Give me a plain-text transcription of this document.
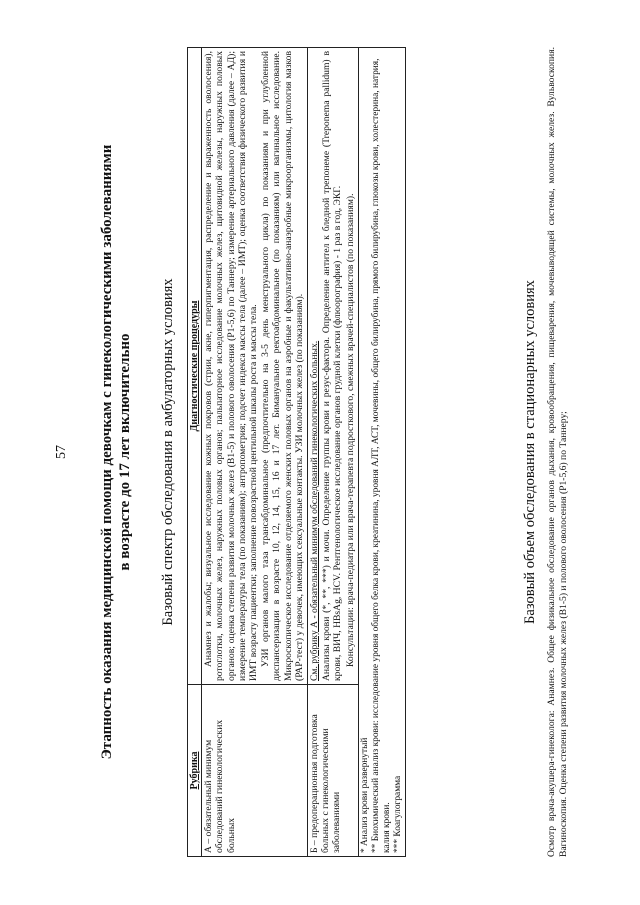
57 Этапность оказания медицинской помощи девочкам с гинекологическими заболеваниями в возрасте до 17 лет включительно Базовый спектр обследования в амбулаторных условиях
Рубрика	Диагностические процедуры
А – обязательный минимум обследований гинекологических больных	Анамнез и жалобы; визуальное исследование кожных покровов (стрии, акне, гиперпигментация, распределение и выраженность оволосения), ротоглотки, молочных желез, наружных половых органов; пальпаторное исследование молочных желез, щитовидной железы, наружных половых органов; оценка степени развития молочных желез (B1-5) и полового оволосения (P1-5,6) по Таннеру; измерение артериального давления (далее – АД); измерение температуры тела (по показаниям); антропометрия; подсчет индекса массы тела (далее – ИМТ); оценка соответствия физического развития и ИМТ возрасту пациентки; заполнение повозрастной центильной шкалы роста и массы тела. УЗИ органов малого таза трансабдоминальное (предпочтительно на 3-5 день менструального цикла) по показаниям и при углубленной диспансеризации в возрасте 10, 12, 14, 15, 16 и 17 лет. Бимануальное ректоабдоминальное (по показаниям) или вагинальное исследование. Микроскопическое исследование отделяемого женских половых органов на аэробные и факультативно-анаэробные микроорганизмы, цитология мазков (РАР-тест) у девочек, имеющих сексуальные контакты. УЗИ молочных желез (по показаниям).

Б – предоперационная подготовка больных с гинекологическими заболеваниями	См. рубрику А - обязательный минимум обследований гинекологических больных. Анализы крови (*, **, ***) и мочи. Определение группы крови и резус-фактора. Определение антител к бледной трепонеме (Treponema pallidum) в крови, ВИЧ, HBsAg, HCV. Рентгенологическое исследование органов грудной клетки (флюорография) - 1 раз в год, ЭКГ. Консультации: врача-педиатра или врача-терапевта подросткового, смежных врачей-специалистов (по показаниям).

* Анализ крови развернутый ** Биохимический анализ крови: исследование уровня общего белка крови, креатинина, уровня АЛТ, АСТ, мочевины, общего билирубина, прямого билирубина, глюкозы крови, холестерина, натрия, калия крови. *** Коагулограмма	
Базовый объем обследования в стационарных условиях Осмотр врача-акушера-гинеколога: Анамнез. Общее физикальное обследование органов дыхания, кровообращения, пищеварения, мочевыводящей системы, молочных желез. Вульвоскопия. Вагиноскопия. Оценка степени развития молочных желез (B1-5) и полового оволосения (P1-5,6) по Таннеру;
